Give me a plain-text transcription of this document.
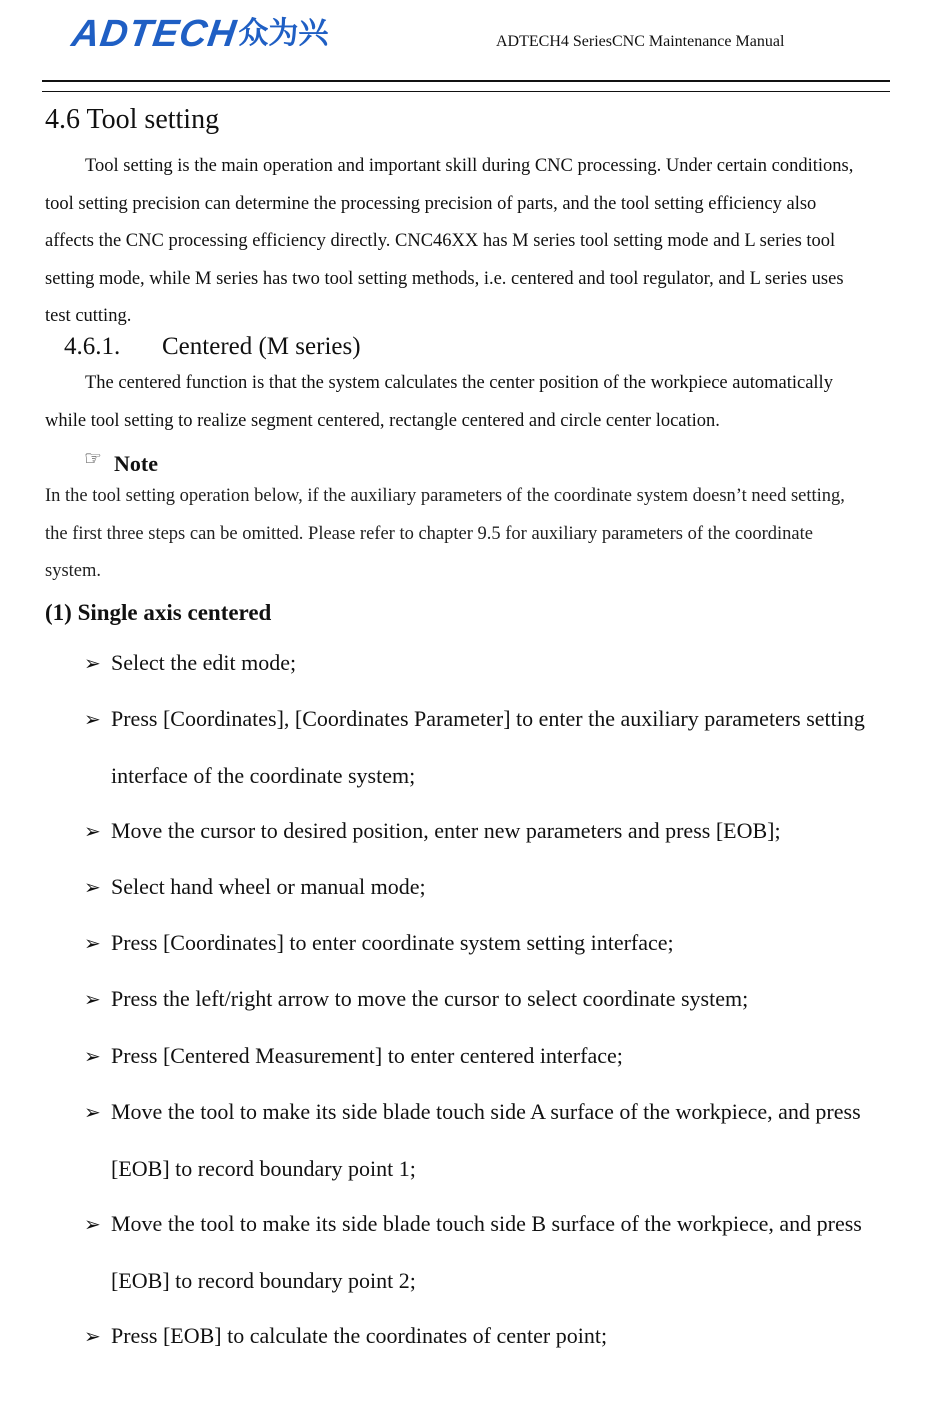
ADTECH 众为兴	ADTECH4 SeriesCNC Maintenance Manual
4.6 Tool setting
Tool setting is the main operation and important skill during CNC processing. Under certain conditions,
tool setting precision can determine the processing precision of parts, and the tool setting efficiency also
affects the CNC processing efficiency directly. CNC46XX has M series tool setting mode and L series tool
setting mode, while M series has two tool setting methods, i.e. centered and tool regulator, and L series uses
test cutting.
4.6.1. Centered (M series)
The centered function is that the system calculates the center position of the workpiece automatically
while tool setting to realize segment centered, rectangle centered and circle center location.
☞ Note
In the tool setting operation below, if the auxiliary parameters of the coordinate system doesn’t need setting,
the first three steps can be omitted. Please refer to chapter 9.5 for auxiliary parameters of the coordinate
system.
(1) Single axis centered
➢ Select the edit mode;
➢ Press [Coordinates], [Coordinates Parameter] to enter the auxiliary parameters setting
interface of the coordinate system;
➢ Move the cursor to desired position, enter new parameters and press [EOB];
➢ Select hand wheel or manual mode;
➢ Press [Coordinates] to enter coordinate system setting interface;
➢ Press the left/right arrow to move the cursor to select coordinate system;
➢ Press [Centered Measurement] to enter centered interface;
➢ Move the tool to make its side blade touch side A surface of the workpiece, and press
[EOB] to record boundary point 1;
➢ Move the tool to make its side blade touch side B surface of the workpiece, and press
[EOB] to record boundary point 2;
➢ Press [EOB] to calculate the coordinates of center point;
